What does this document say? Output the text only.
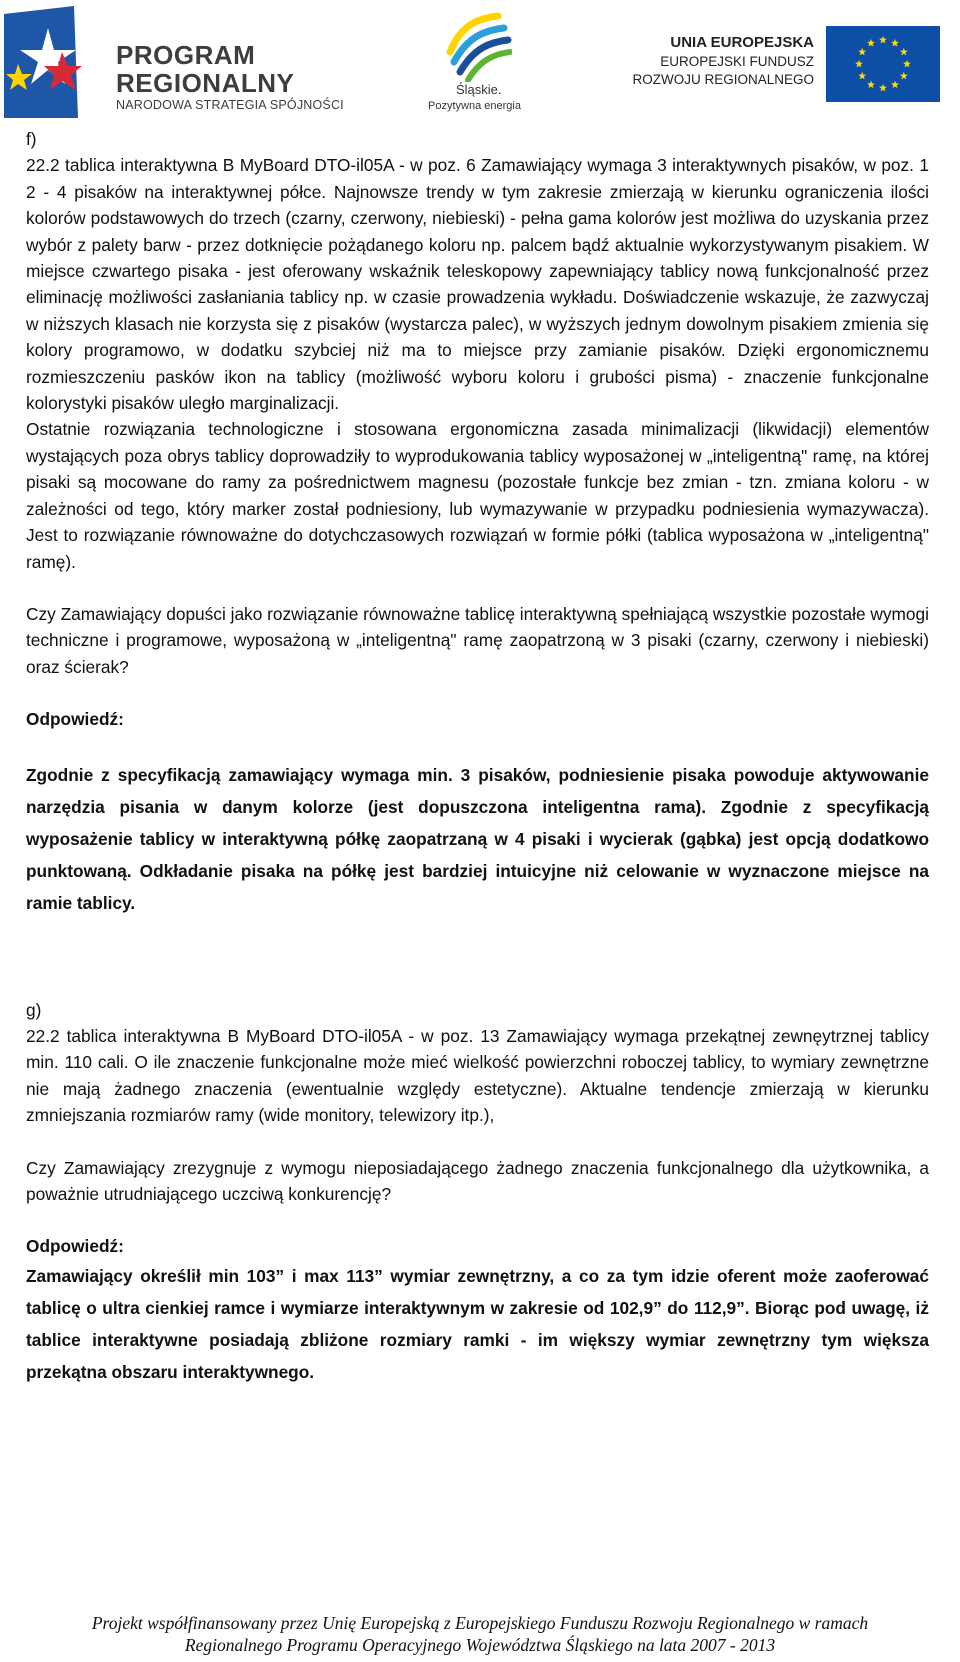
PROGRAM
REGIONALNY
NARODOWA STRATEGIA SPÓJNOŚCI
Śląskie.
Pozytywna energia
UNIA EUROPEJSKA
EUROPEJSKI FUNDUSZ
ROZWOJU REGIONALNEGO

f)

22.2 tablica interaktywna B MyBoard DTO-il05A - w poz. 6 Zamawiający wymaga 3 interaktywnych pisaków, w poz. 1 2 - 4 pisaków na interaktywnej półce. Najnowsze trendy w tym zakresie zmierzają w kierunku ograniczenia ilości kolorów podstawowych do trzech (czarny, czerwony, niebieski) - pełna gama kolorów jest możliwa do uzyskania przez wybór z palety barw - przez dotknięcie pożądanego koloru np. palcem bądź aktualnie wykorzystywanym pisakiem. W miejsce czwartego pisaka - jest oferowany wskaźnik teleskopowy zapewniający tablicy nową funkcjonalność przez eliminację możliwości zasłaniania tablicy np. w czasie prowadzenia wykładu. Doświadczenie wskazuje, że zazwyczaj w niższych klasach nie korzysta się z pisaków (wystarcza palec), w wyższych jednym dowolnym pisakiem zmienia się kolory programowo, w dodatku szybciej niż ma to miejsce przy zamianie pisaków. Dzięki ergonomicznemu rozmieszczeniu pasków ikon na tablicy (możliwość wyboru koloru i grubości pisma) - znaczenie funkcjonalne kolorystyki pisaków uległo marginalizacji.

Ostatnie rozwiązania technologiczne i stosowana ergonomiczna zasada minimalizacji (likwidacji) elementów wystających poza obrys tablicy doprowadziły to wyprodukowania tablicy wyposażonej w „inteligentną" ramę, na której pisaki są mocowane do ramy za pośrednictwem magnesu (pozostałe funkcje bez zmian - tzn. zmiana koloru - w zależności od tego, który marker został podniesiony, lub wymazywanie w przypadku podniesienia wymazywacza). Jest to rozwiązanie równoważne do dotychczasowych rozwiązań w formie półki (tablica wyposażona w „inteligentną" ramę).

Czy Zamawiający dopuści jako rozwiązanie równoważne tablicę interaktywną spełniającą wszystkie pozostałe wymogi techniczne i programowe, wyposażoną w „inteligentną" ramę zaopatrzoną w 3 pisaki (czarny, czerwony i niebieski) oraz ścierak?

Odpowiedź:

Zgodnie z specyfikacją zamawiający wymaga min. 3 pisaków, podniesienie pisaka powoduje aktywowanie narzędzia pisania w danym kolorze (jest dopuszczona inteligentna rama). Zgodnie z specyfikacją wyposażenie tablicy w interaktywną półkę zaopatrzaną w 4 pisaki i wycierak (gąbka) jest opcją dodatkowo punktowaną. Odkładanie pisaka na półkę jest bardziej intuicyjne niż celowanie w wyznaczone miejsce na ramie tablicy.

g)

22.2 tablica interaktywna B MyBoard DTO-il05A - w poz. 13 Zamawiający wymaga przekątnej zewnęytrznej tablicy min. 110 cali. O ile znaczenie funkcjonalne może mieć wielkość powierzchni roboczej tablicy, to wymiary zewnętrzne nie mają żadnego znaczenia (ewentualnie względy estetyczne). Aktualne tendencje zmierzają w kierunku zmniejszania rozmiarów ramy (wide monitory, telewizory itp.),

Czy Zamawiający zrezygnuje z wymogu nieposiadającego żadnego znaczenia funkcjonalnego dla użytkownika, a poważnie utrudniającego uczciwą konkurencję?

Odpowiedź:

Zamawiający określił min 103” i max 113” wymiar zewnętrzny, a co za tym idzie oferent może zaoferować tablicę o ultra cienkiej ramce i wymiarze interaktywnym w zakresie od 102,9” do 112,9”. Biorąc pod uwagę, iż tablice interaktywne posiadają zbliżone rozmiary ramki - im większy wymiar zewnętrzny tym większa przekątna obszaru interaktywnego.

Projekt współfinansowany przez Unię Europejską z Europejskiego Funduszu Rozwoju Regionalnego w ramach
Regionalnego Programu Operacyjnego Województwa Śląskiego na lata 2007 - 2013
